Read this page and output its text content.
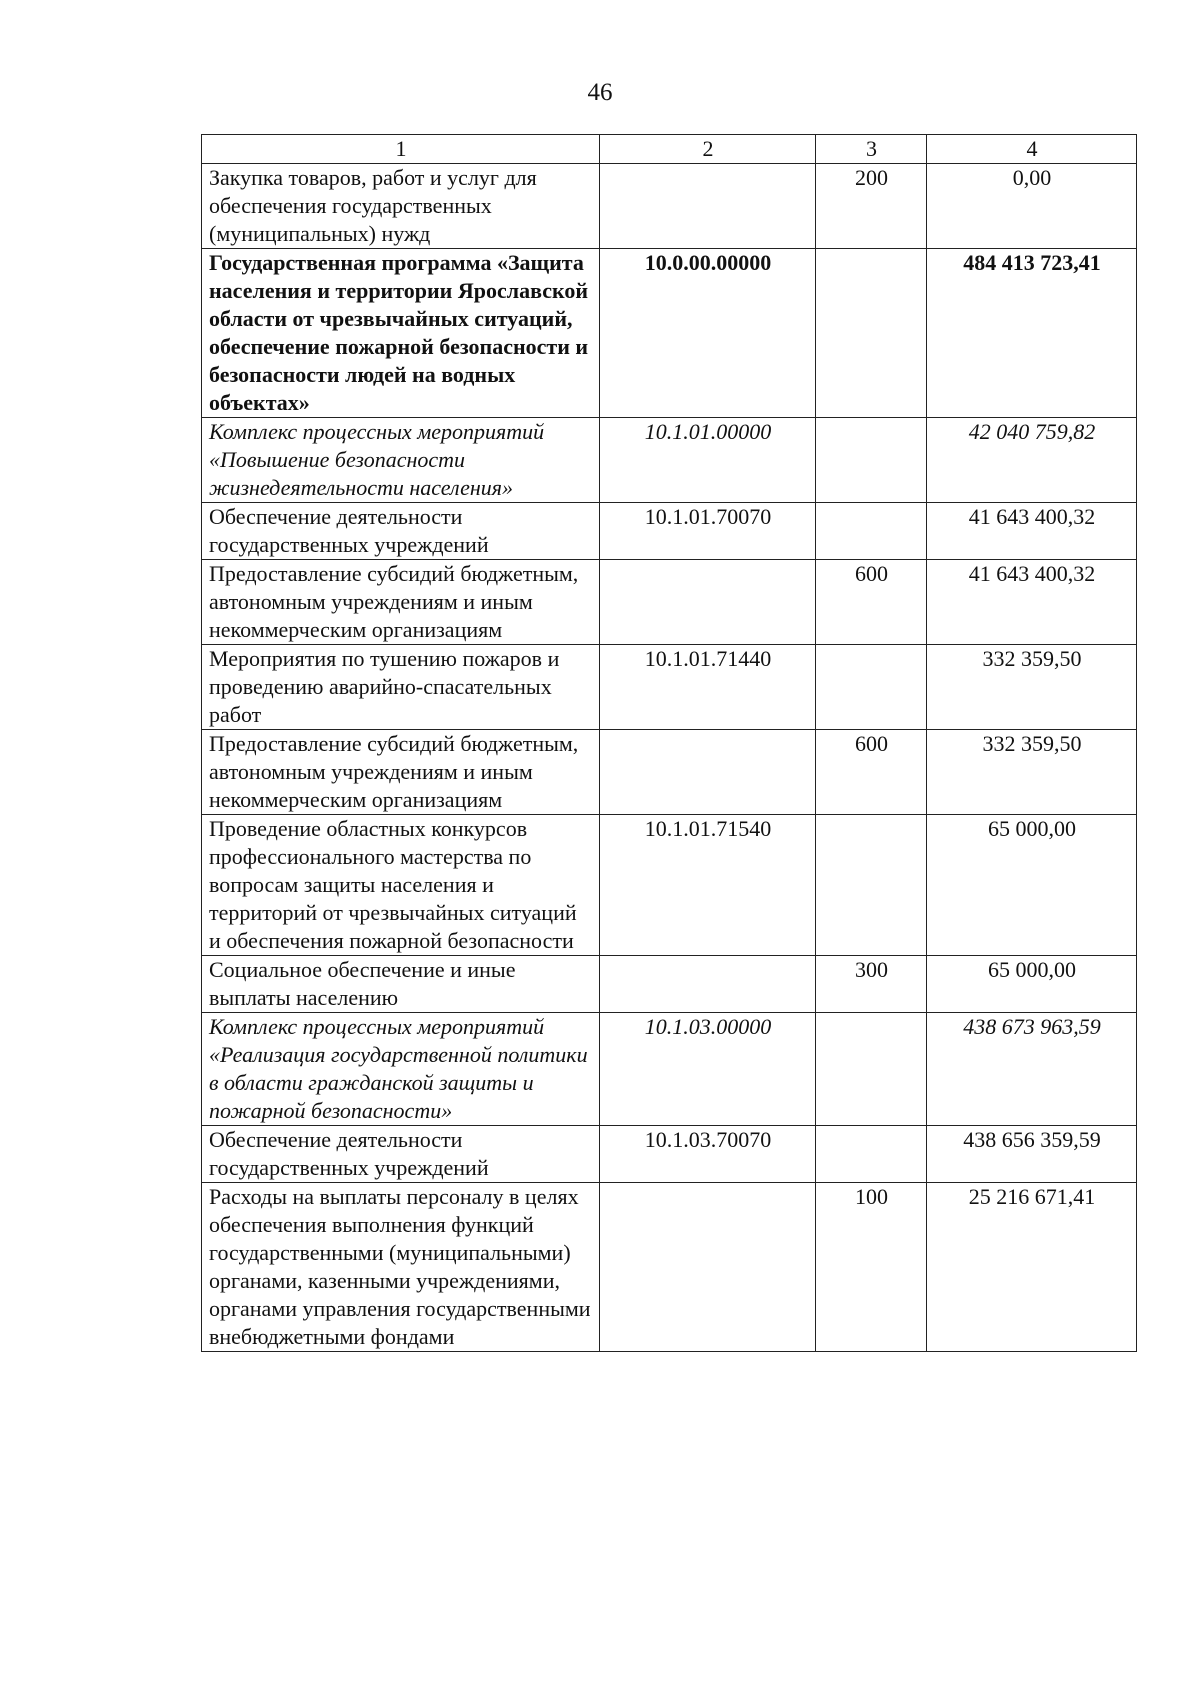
46
1	2	3	4
Закупка товаров, работ и услуг для обеспечения государственных (муниципальных) нужд		200	0,00
Государственная программа «Защита населения и территории Ярославской области от чрезвычайных ситуаций, обеспечение пожарной безопасности и безопасности людей на водных объектах»	10.0.00.00000		484 413 723,41
Комплекс процессных мероприятий «Повышение безопасности жизнедеятельности населения»	10.1.01.00000		42 040 759,82
Обеспечение деятельности государственных учреждений	10.1.01.70070		41 643 400,32
Предоставление субсидий бюджетным, автономным учреждениям и иным некоммерческим организациям		600	41 643 400,32
Мероприятия по тушению пожаров и проведению аварийно-спасательных работ	10.1.01.71440		332 359,50
Предоставление субсидий бюджетным, автономным учреждениям и иным некоммерческим организациям		600	332 359,50
Проведение областных конкурсов профессионального мастерства по вопросам защиты населения и территорий от чрезвычайных ситуаций и обеспечения пожарной безопасности	10.1.01.71540		65 000,00
Социальное обеспечение и иные выплаты населению		300	65 000,00
Комплекс процессных мероприятий «Реализация государственной политики в области гражданской защиты и пожарной безопасности»	10.1.03.00000		438 673 963,59
Обеспечение деятельности государственных учреждений	10.1.03.70070		438 656 359,59
Расходы на выплаты персоналу в целях обеспечения выполнения функций государственными (муниципальными) органами, казенными учреждениями, органами управления государственными внебюджетными фондами		100	25 216 671,41
